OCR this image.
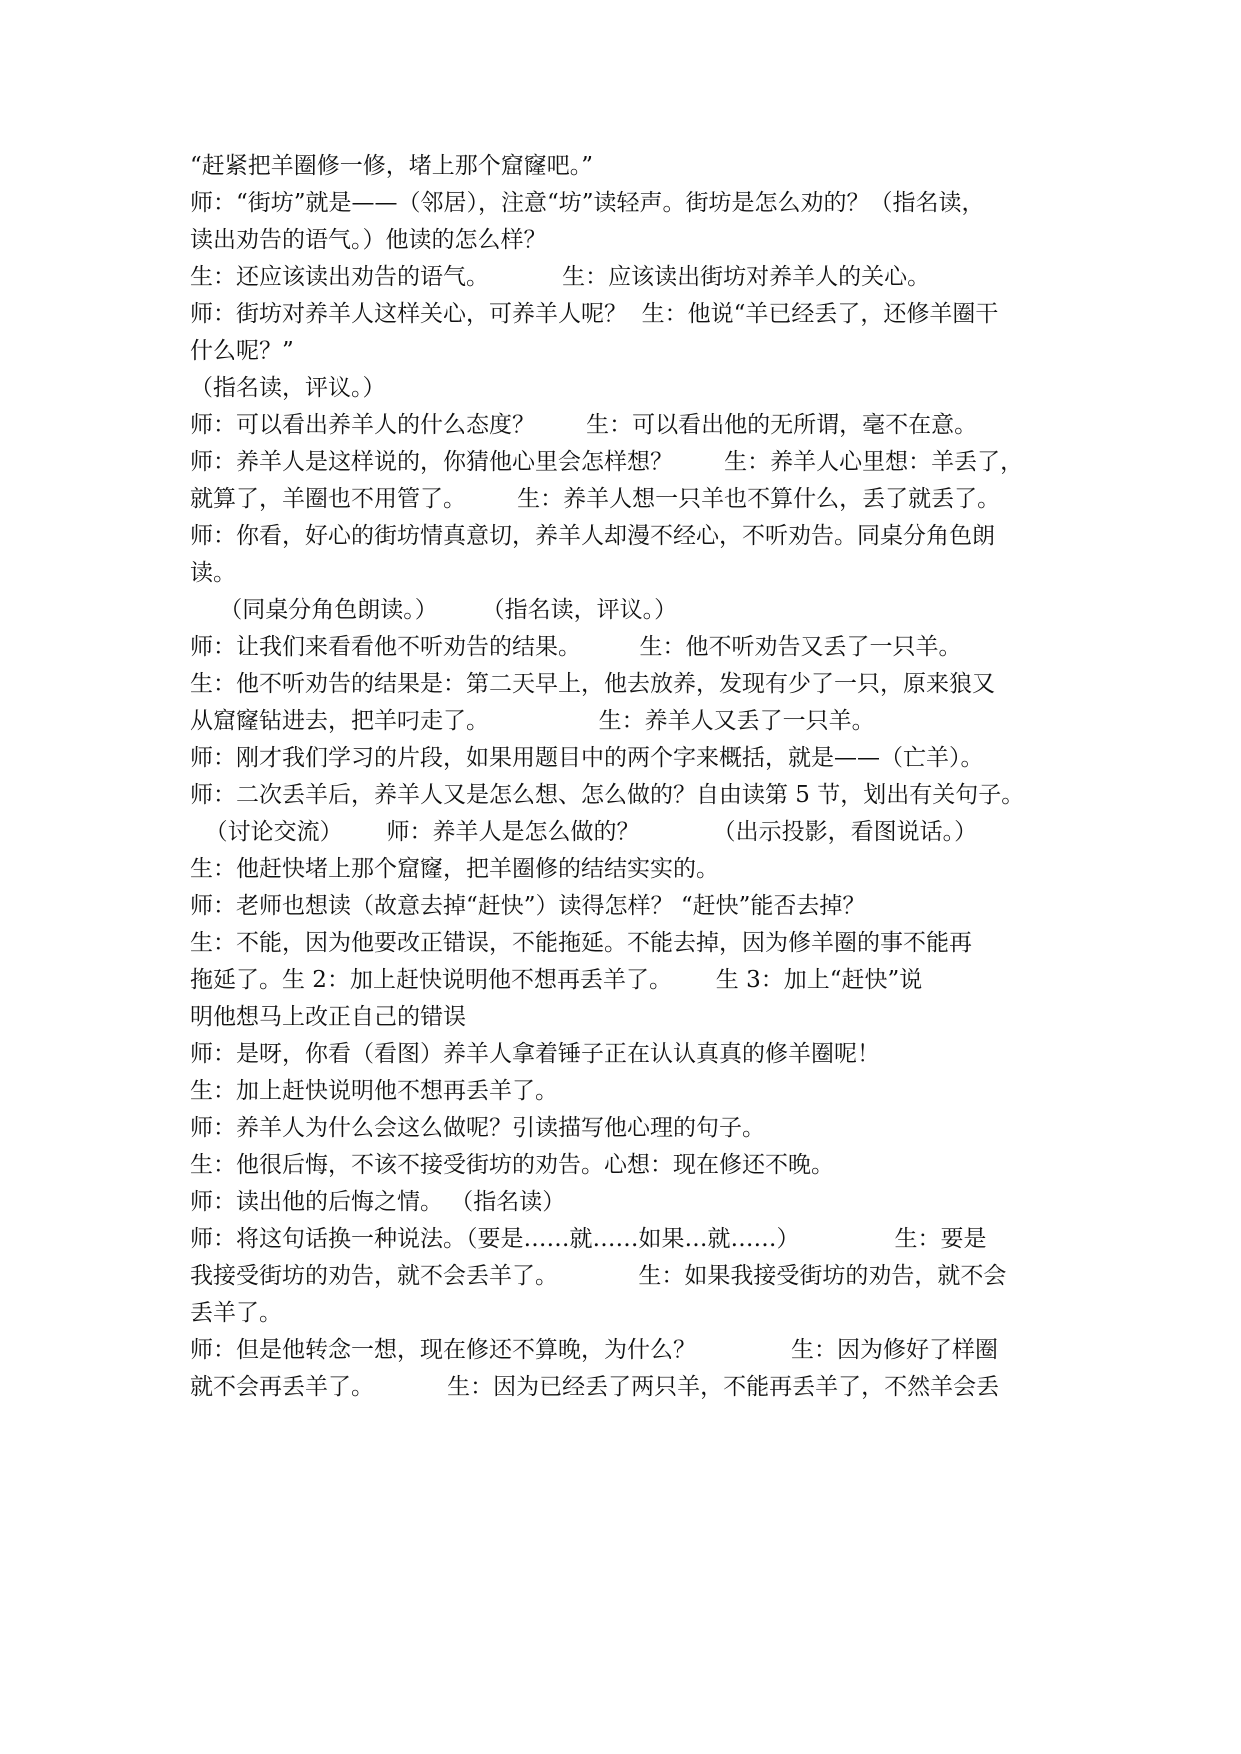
“赶紧把羊圈修一修，堵上那个窟窿吧。”
师：“街坊”就是——（邻居），注意“坊”读轻声。街坊是怎么劝的？（指名读，
读出劝告的语气。）他读的怎么样？
生：还应该读出劝告的语气。          生：应该读出街坊对养羊人的关心。
师：街坊对养羊人这样关心，可养羊人呢？  生：他说“羊已经丢了，还修羊圈干
什么呢？”
（指名读，评议。）
师：可以看出养羊人的什么态度？       生：可以看出他的无所谓，毫不在意。
师：养羊人是这样说的，你猜他心里会怎样想？       生：养羊人心里想：羊丢了，
就算了，羊圈也不用管了。       生：养羊人想一只羊也不算什么，丢了就丢了。
师：你看，好心的街坊情真意切，养羊人却漫不经心，不听劝告。同桌分角色朗
读。
（同桌分角色朗读。）      （指名读，评议。）
师：让我们来看看他不听劝告的结果。        生：他不听劝告又丢了一只羊。
生：他不听劝告的结果是：第二天早上，他去放养，发现有少了一只，原来狼又
从窟窿钻进去，把羊叼走了。               生：养羊人又丢了一只羊。
师：刚才我们学习的片段，如果用题目中的两个字来概括，就是——（亡羊）。
师：二次丢羊后，养羊人又是怎么想、怎么做的？自由读第 5 节，划出有关句子。
（讨论交流）      师：养羊人是怎么做的？          （出示投影，看图说话。）
生：他赶快堵上那个窟窿，把羊圈修的结结实实的。
师：老师也想读（故意去掉“赶快”）读得怎样？ “赶快”能否去掉？
生：不能，因为他要改正错误，不能拖延。不能去掉，因为修羊圈的事不能再
拖延了。生 2：加上赶快说明他不想再丢羊了。      生 3：加上“赶快”说
明他想马上改正自己的错误
师：是呀，你看（看图）养羊人拿着锤子正在认认真真的修羊圈呢！
生：加上赶快说明他不想再丢羊了。
师：养羊人为什么会这么做呢？引读描写他心理的句子。
生：他很后悔，不该不接受街坊的劝告。心想：现在修还不晚。
师：读出他的后悔之情。 （指名读）
师：将这句话换一种说法。（要是……就……如果…就……）             生：要是
我接受街坊的劝告，就不会丢羊了。           生：如果我接受街坊的劝告，就不会
丢羊了。
师：但是他转念一想，现在修还不算晚，为什么？             生：因为修好了样圈
就不会再丢羊了。          生：因为已经丢了两只羊，不能再丢羊了，不然羊会丢
